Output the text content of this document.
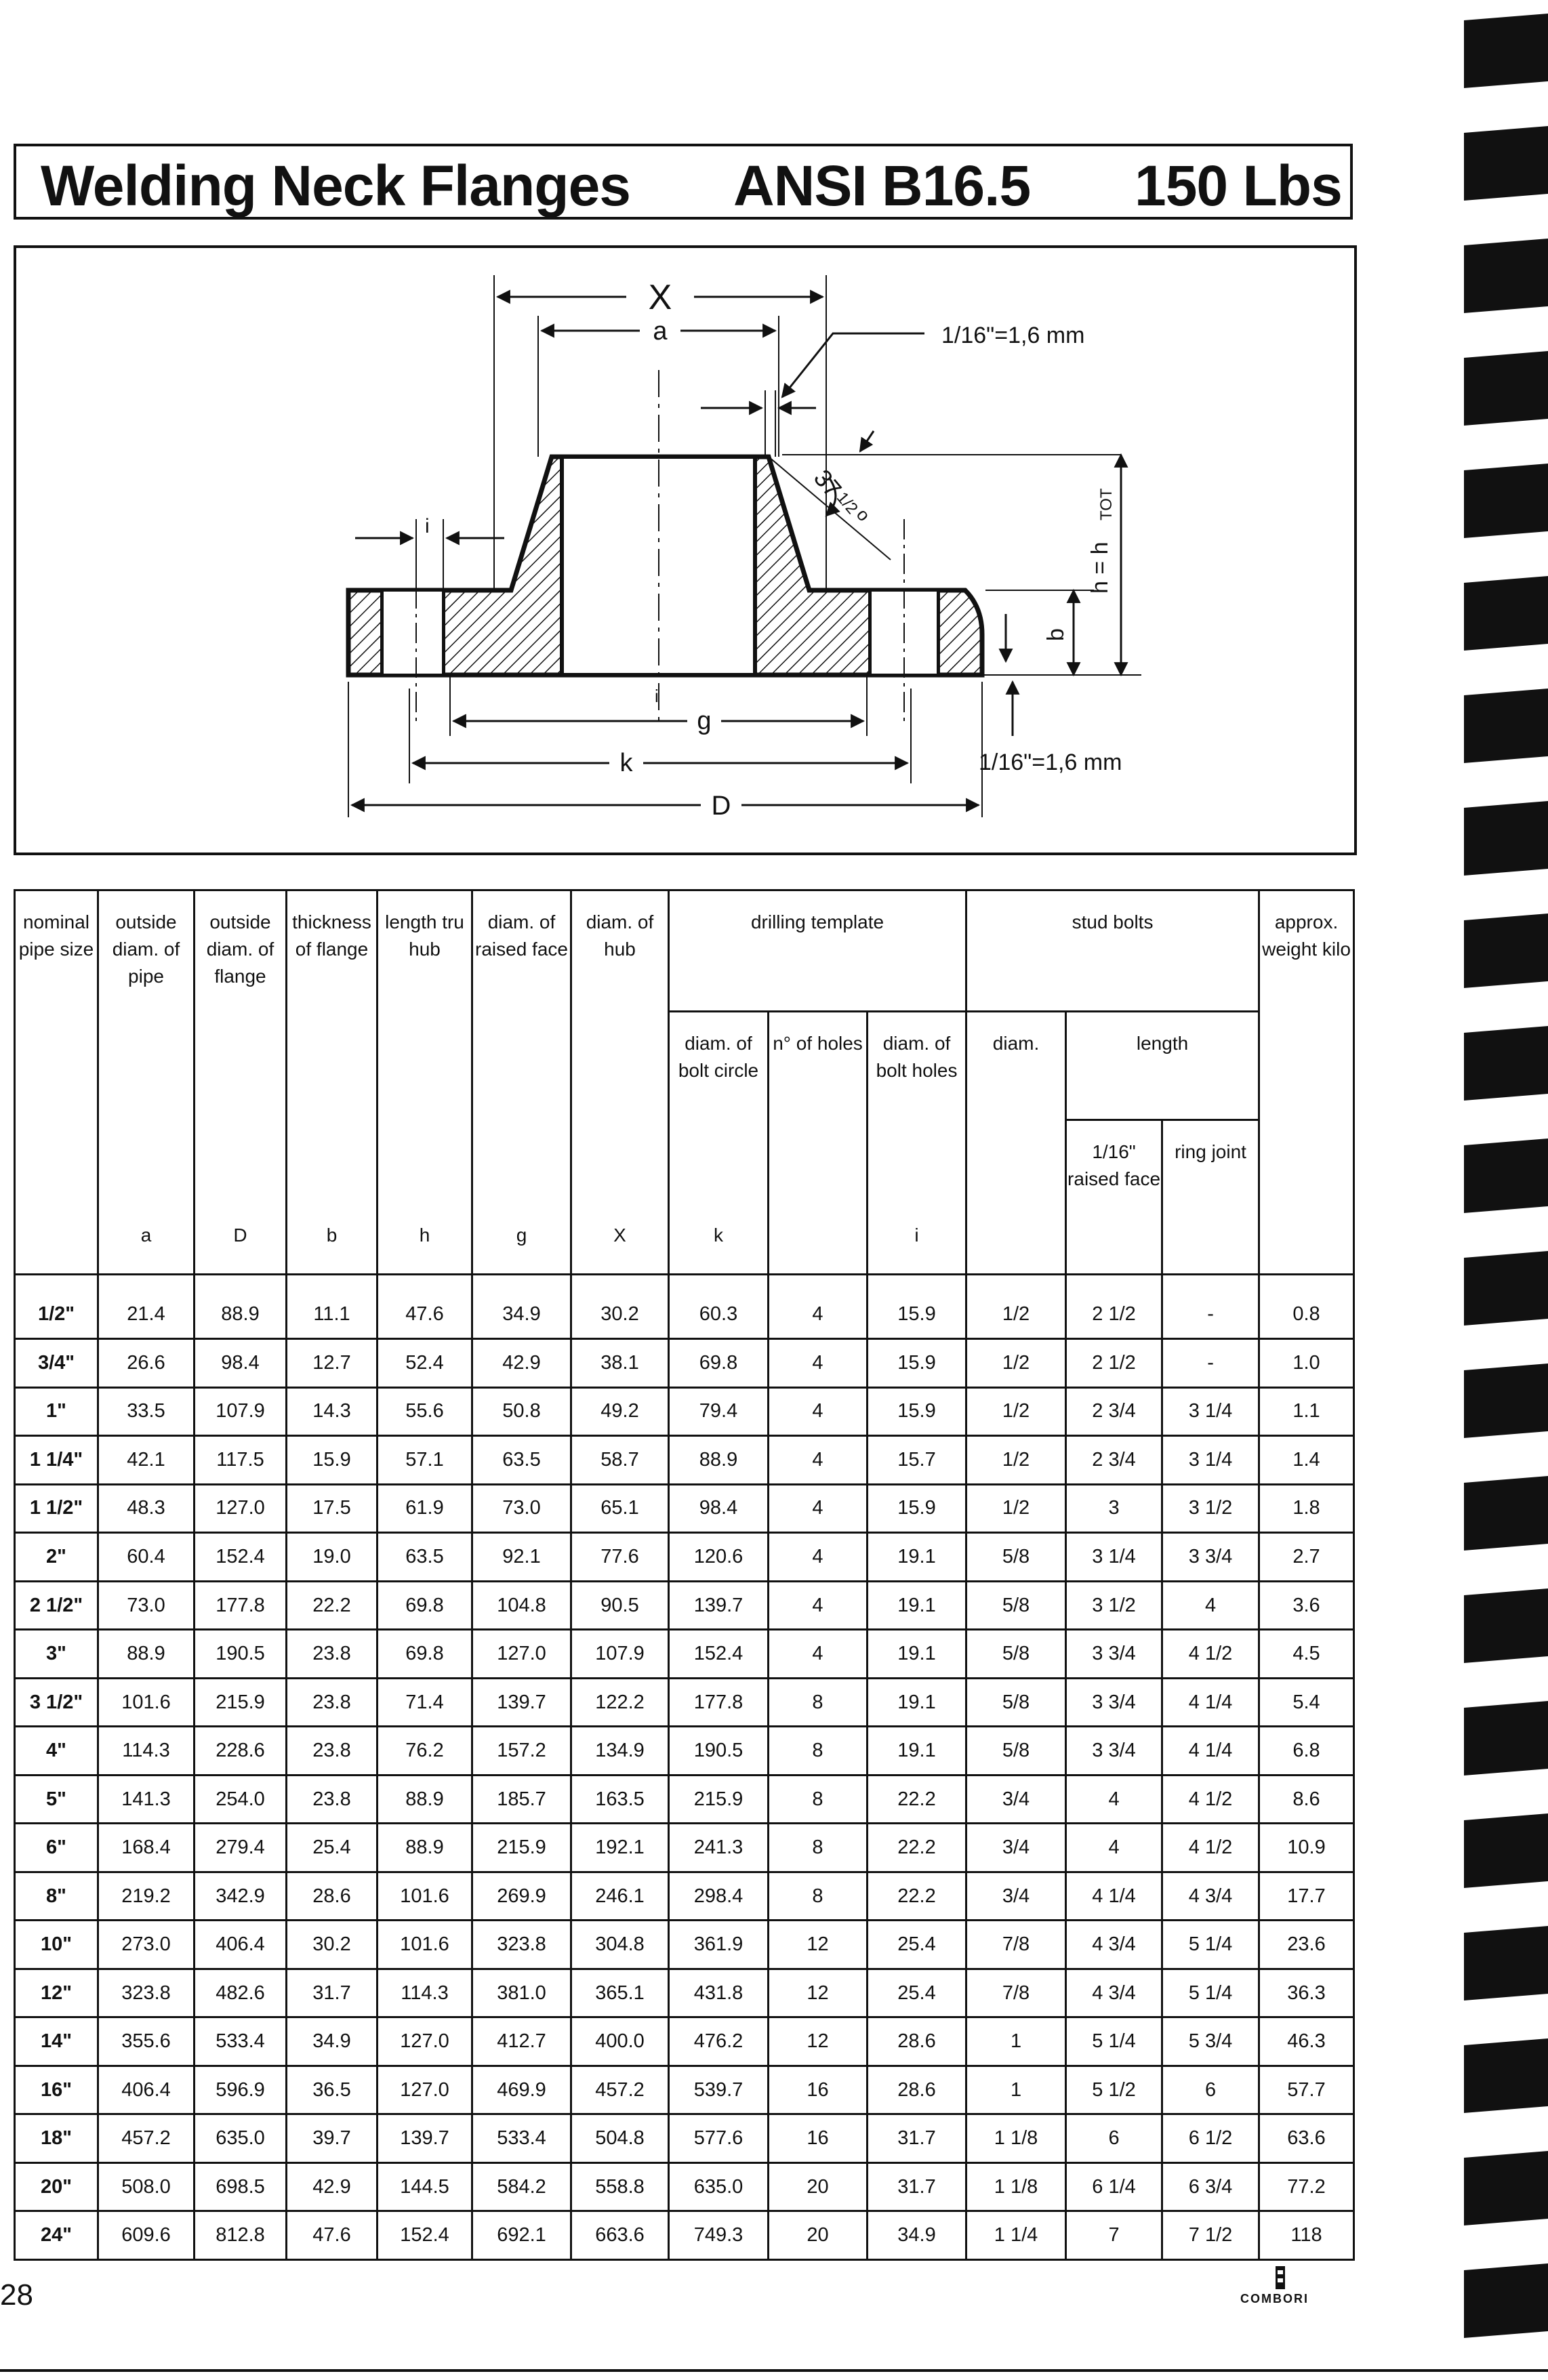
Welding Neck Flanges ANSI B16.5 150 Lbs
X
a	1/16"=1,6 mm
37
1/2
o
h = h
TOT
b
1/16"=1,6 mm
i
i
g
k
D
nominal pipe size	outside diam. of pipe	outside diam. of flange	thickness of flange	length tru hub	diam. of raised face	diam. of hub	drilling template			stud bolts			approx. weight kilo
							diam. of bolt circle	n° of holes	diam. of bolt holes	diam.	length		
											1/16" raised face	ring joint	
	a	D	b	h	g	X	k		i				
1/2"	21.4	88.9	11.1	47.6	34.9	30.2	60.3	4	15.9	1/2	2 1/2	-	0.8
3/4"	26.6	98.4	12.7	52.4	42.9	38.1	69.8	4	15.9	1/2	2 1/2	-	1.0
1"	33.5	107.9	14.3	55.6	50.8	49.2	79.4	4	15.9	1/2	2 3/4	3 1/4	1.1
1 1/4"	42.1	117.5	15.9	57.1	63.5	58.7	88.9	4	15.7	1/2	2 3/4	3 1/4	1.4
1 1/2"	48.3	127.0	17.5	61.9	73.0	65.1	98.4	4	15.9	1/2	3	3 1/2	1.8
2"	60.4	152.4	19.0	63.5	92.1	77.6	120.6	4	19.1	5/8	3 1/4	3 3/4	2.7
2 1/2"	73.0	177.8	22.2	69.8	104.8	90.5	139.7	4	19.1	5/8	3 1/2	4	3.6
3"	88.9	190.5	23.8	69.8	127.0	107.9	152.4	4	19.1	5/8	3 3/4	4 1/2	4.5
3 1/2"	101.6	215.9	23.8	71.4	139.7	122.2	177.8	8	19.1	5/8	3 3/4	4 1/4	5.4
4"	114.3	228.6	23.8	76.2	157.2	134.9	190.5	8	19.1	5/8	3 3/4	4 1/4	6.8
5"	141.3	254.0	23.8	88.9	185.7	163.5	215.9	8	22.2	3/4	4	4 1/2	8.6
6"	168.4	279.4	25.4	88.9	215.9	192.1	241.3	8	22.2	3/4	4	4 1/2	10.9
8"	219.2	342.9	28.6	101.6	269.9	246.1	298.4	8	22.2	3/4	4 1/4	4 3/4	17.7
10"	273.0	406.4	30.2	101.6	323.8	304.8	361.9	12	25.4	7/8	4 3/4	5 1/4	23.6
12"	323.8	482.6	31.7	114.3	381.0	365.1	431.8	12	25.4	7/8	4 3/4	5 1/4	36.3
14"	355.6	533.4	34.9	127.0	412.7	400.0	476.2	12	28.6	1	5 1/4	5 3/4	46.3
16"	406.4	596.9	36.5	127.0	469.9	457.2	539.7	16	28.6	1	5 1/2	6	57.7
18"	457.2	635.0	39.7	139.7	533.4	504.8	577.6	16	31.7	1 1/8	6	6 1/2	63.6
20"	508.0	698.5	42.9	144.5	584.2	558.8	635.0	20	31.7	1 1/8	6 1/4	6 3/4	77.2
24"	609.6	812.8	47.6	152.4	692.1	663.6	749.3	20	34.9	1 1/4	7	7 1/2	118
28	COMBORI
